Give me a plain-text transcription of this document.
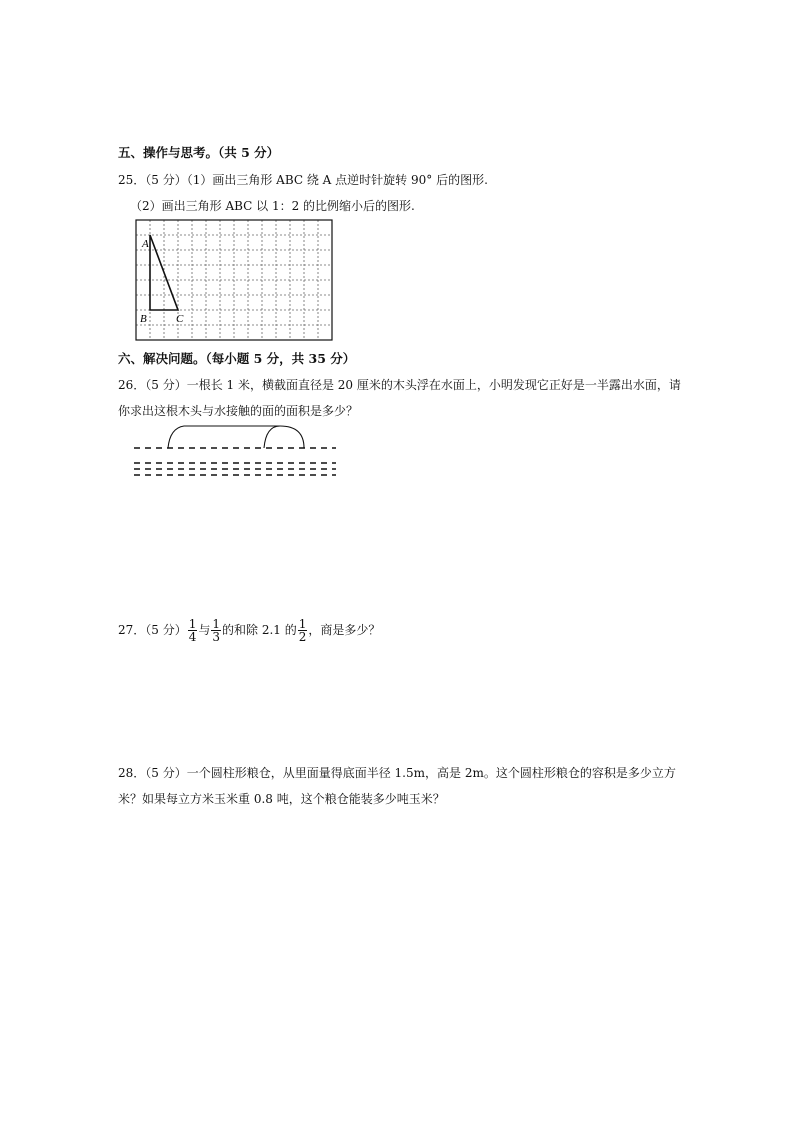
五、操作与思考。（共 5 分）
25．（5 分）（1）画出三角形 ABC 绕 A 点逆时针旋转 90° 后的图形.
（2）画出三角形 ABC 以 1：2 的比例缩小后的图形.
A
B	C
六、解决问题。（每小题 5 分，共 35 分）
26．（5 分）一根长 1 米，横截面直径是 20 厘米的木头浮在水面上，小明发现它正好是一半露出水面，请
你求出这根木头与水接触的面的面积是多少？
27．（5 分） $\frac{1}{4}$ 与 $\frac{1}{3}$ 的和除 2.1 的 $\frac{1}{2}$ ，商是多少？
28．（5 分）一个圆柱形粮仓，从里面量得底面半径 1.5m，高是 2m。这个圆柱形粮仓的容积是多少立方
米？如果每立方米玉米重 0.8 吨，这个粮仓能装多少吨玉米？
